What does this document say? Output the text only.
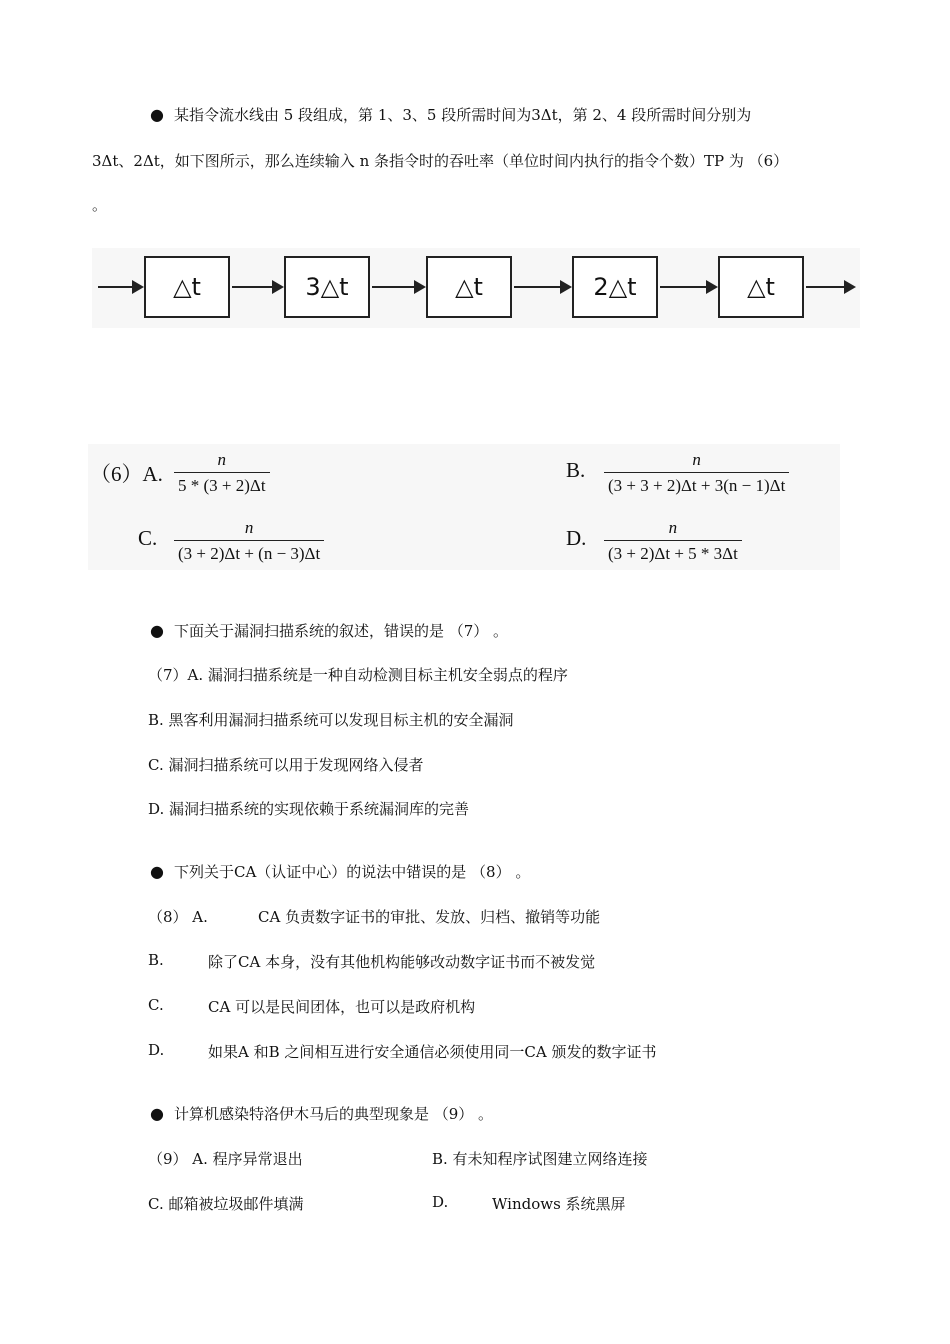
● 某指令流水线由 5 段组成，第 1、3、5 段所需时间为3Δt，第 2、4 段所需时间分别为
3Δt、2Δt，如下图所示，那么连续输入 n 条指令时的吞吐率（单位时间内执行的指令个数）TP 为 （6）
。
△t	3△t	△t	2△t	△t
（6）A. $\frac{n}{5 * (3 + 2)\Delta t}$	B. $\frac{n}{(3 + 3 + 2)\Delta t + 3(n - 1)\Delta t}$
C. $\frac{n}{(3 + 2)\Delta t + (n - 3)\Delta t}$	D. $\frac{n}{(3 + 2)\Delta t + 5 * 3\Delta t}$
● 下面关于漏洞扫描系统的叙述，错误的是 （7） 。
（7）A. 漏洞扫描系统是一种自动检测目标主机安全弱点的程序
B. 黑客利用漏洞扫描系统可以发现目标主机的安全漏洞
C. 漏洞扫描系统可以用于发现网络入侵者
D. 漏洞扫描系统的实现依赖于系统漏洞库的完善
● 下列关于CA（认证中心）的说法中错误的是 （8） 。
（8） A.	CA 负责数字证书的审批、发放、归档、撤销等功能
B.	除了CA 本身，没有其他机构能够改动数字证书而不被发觉
C.	CA 可以是民间团体，也可以是政府机构
D.	如果A 和B 之间相互进行安全通信必须使用同一CA 颁发的数字证书
● 计算机感染特洛伊木马后的典型现象是 （9） 。
（9） A. 程序异常退出	B. 有未知程序试图建立网络连接
C. 邮箱被垃圾邮件填满	D.	Windows 系统黑屏
